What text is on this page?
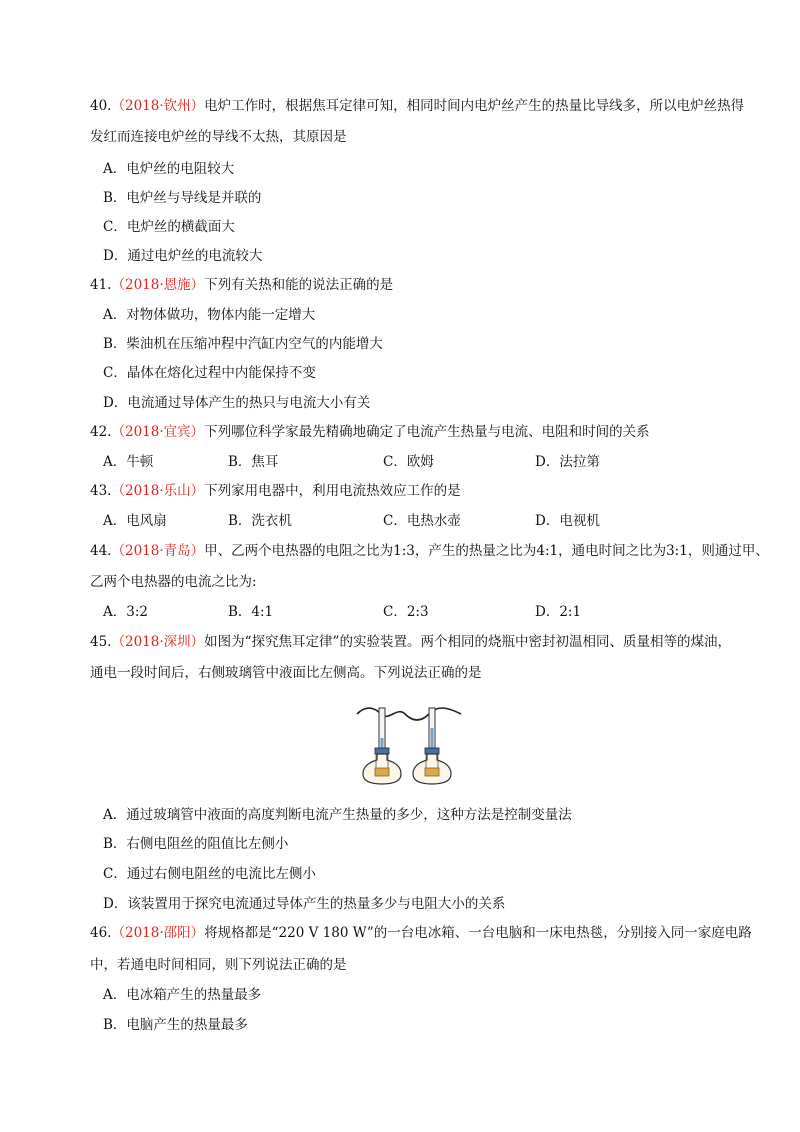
40.（2018·钦州）电炉工作时，根据焦耳定律可知，相同时间内电炉丝产生的热量比导线多，所以电炉丝热得
发红而连接电炉丝的导线不太热，其原因是
A．电炉丝的电阻较大
B．电炉丝与导线是并联的
C．电炉丝的横截面大
D．通过电炉丝的电流较大
41.（2018·恩施）下列有关热和能的说法正确的是
A．对物体做功，物体内能一定增大
B．柴油机在压缩冲程中汽缸内空气的内能增大
C．晶体在熔化过程中内能保持不变
D．电流通过导体产生的热只与电流大小有关
42.（2018·宜宾）下列哪位科学家最先精确地确定了电流产生热量与电流、电阻和时间的关系
A．牛顿	B．焦耳	C．欧姆	D．法拉第
43.（2018·乐山）下列家用电器中，利用电流热效应工作的是
A．电风扇	B．洗衣机	C．电热水壶	D．电视机
44.（2018·青岛）甲、乙两个电热器的电阻之比为1:3，产生的热量之比为4:1，通电时间之比为3:1，则通过甲、
乙两个电热器的电流之比为:
A．3:2	B．4:1	C．2:3	D．2:1
45.（2018·深圳）如图为“探究焦耳定律”的实验装置。两个相同的烧瓶中密封初温相同、质量相等的煤油，
通电一段时间后，右侧玻璃管中液面比左侧高。下列说法正确的是
A．通过玻璃管中液面的高度判断电流产生热量的多少，这种方法是控制变量法
B．右侧电阻丝的阻值比左侧小
C．通过右侧电阻丝的电流比左侧小
D．该装置用于探究电流通过导体产生的热量多少与电阻大小的关系
46.（2018·邵阳）将规格都是“220 V 180 W”的一台电冰箱、一台电脑和一床电热毯，分别接入同一家庭电路
中，若通电时间相同，则下列说法正确的是
A．电冰箱产生的热量最多
B．电脑产生的热量最多
